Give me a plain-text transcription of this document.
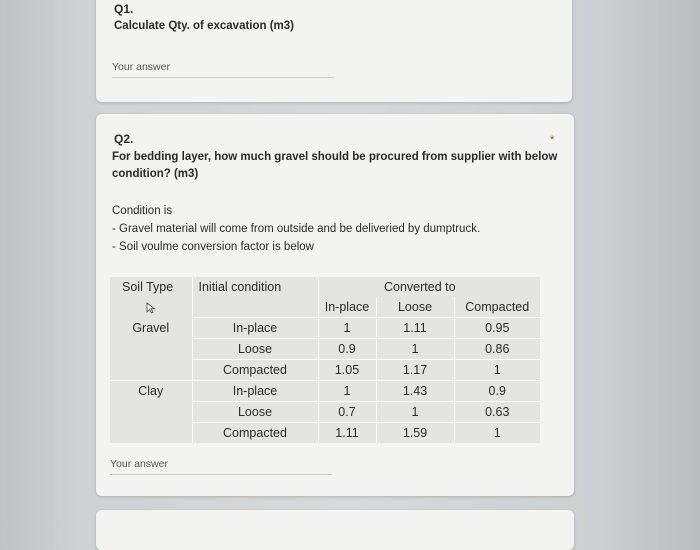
Q1.
Calculate Qty. of excavation (m3)
Your answer
Q2.	*
For bedding layer, how much gravel should be procured from supplier with below
condition? (m3)
Condition is
- Gravel material will come from outside and be deliveried by dumptruck.
- Soil voulme conversion factor is below
Soil Type	Initial condition		Converted to	
		In-place	Loose	Compacted
Gravel	In-place	1	1.11	0.95
	Loose	0.9	1	0.86
	Compacted	1.05	1.17	1
Clay	In-place	1	1.43	0.9
	Loose	0.7	1	0.63
	Compacted	1.11	1.59	1
Your answer
